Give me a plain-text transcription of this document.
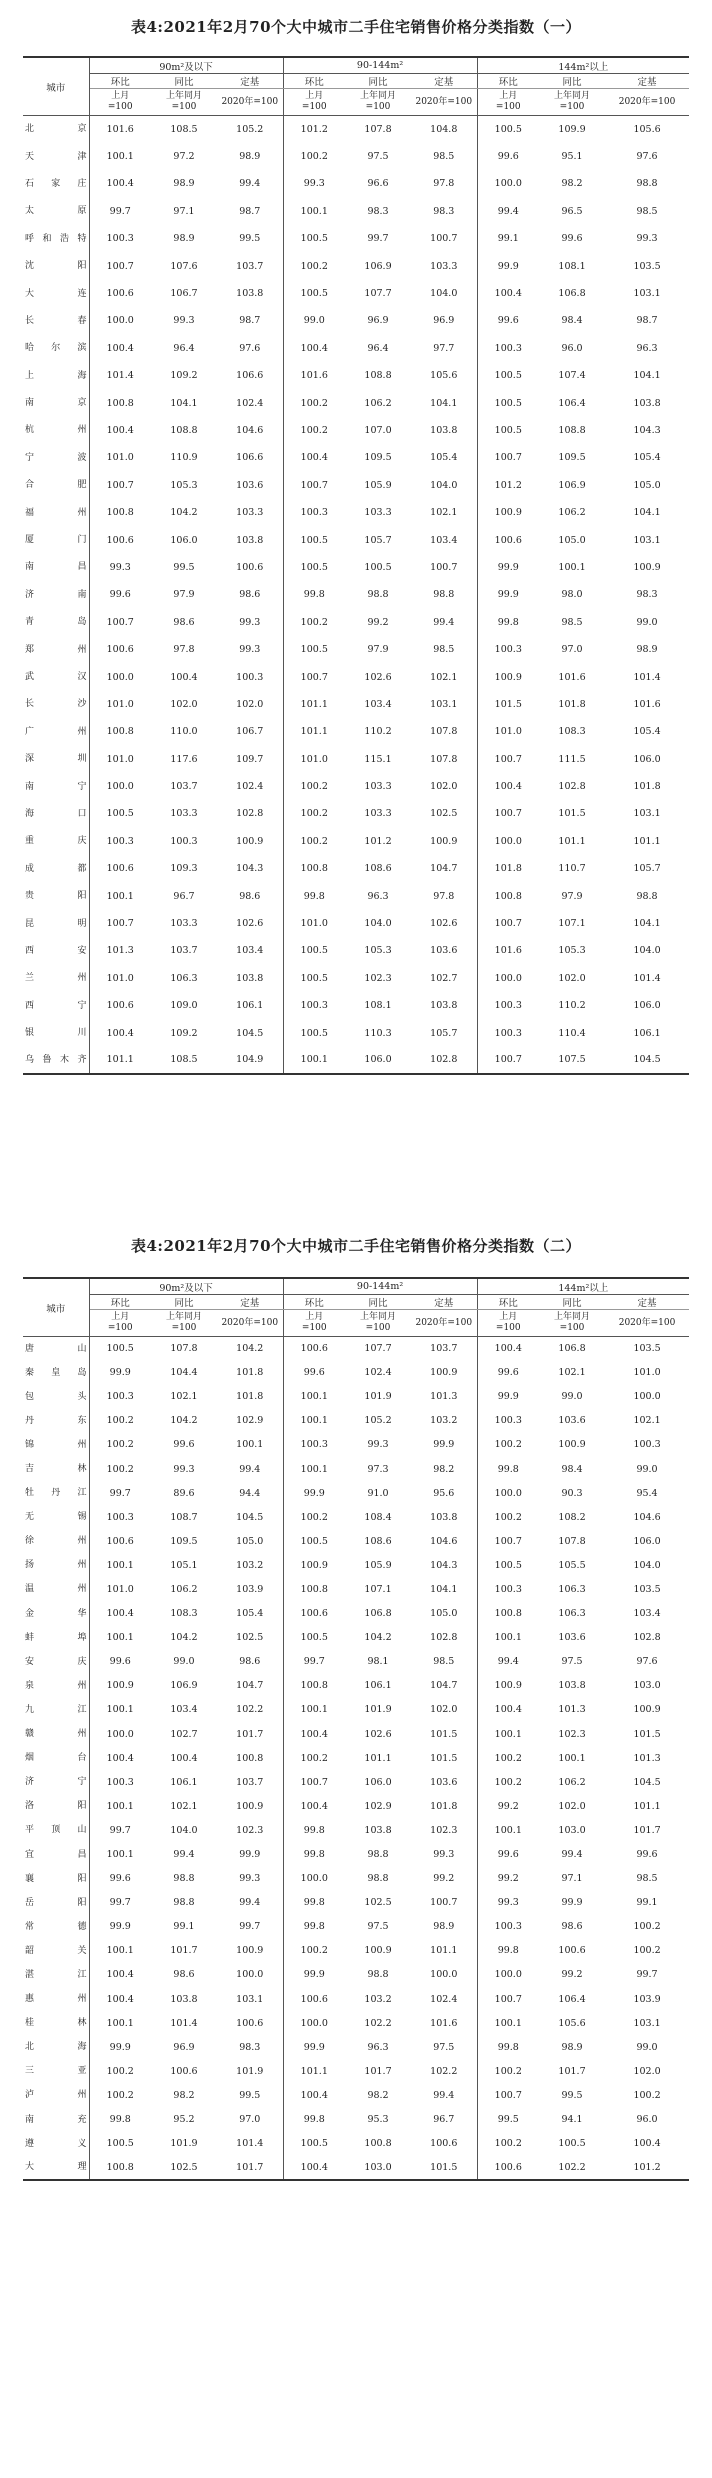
表4:2021年2月70个大中城市二手住宅销售价格分类指数（一）
城市	90m²及以下			90-144m²			144m²以上		
	环比	同比	定基	环比	同比	定基	环比	同比	定基
	上月
=100	上年同月
=100	2020年=100	上月
=100	上年同月
=100	2020年=100	上月
=100	上年同月
=100	2020年=100

北　京	101.6	108.5	105.2	101.2	107.8	104.8	100.5	109.9	105.6

天　津	100.1	97.2	98.9	100.2	97.5	98.5	99.6	95.1	97.6

石家庄	100.4	98.9	99.4	99.3	96.6	97.8	100.0	98.2	98.8

太　原	99.7	97.1	98.7	100.1	98.3	98.3	99.4	96.5	98.5

呼和浩特	100.3	98.9	99.5	100.5	99.7	100.7	99.1	99.6	99.3

沈　阳	100.7	107.6	103.7	100.2	106.9	103.3	99.9	108.1	103.5

大　连	100.6	106.7	103.8	100.5	107.7	104.0	100.4	106.8	103.1

长　春	100.0	99.3	98.7	99.0	96.9	96.9	99.6	98.4	98.7

哈尔滨	100.4	96.4	97.6	100.4	96.4	97.7	100.3	96.0	96.3

上　海	101.4	109.2	106.6	101.6	108.8	105.6	100.5	107.4	104.1

南　京	100.8	104.1	102.4	100.2	106.2	104.1	100.5	106.4	103.8

杭　州	100.4	108.8	104.6	100.2	107.0	103.8	100.5	108.8	104.3

宁　波	101.0	110.9	106.6	100.4	109.5	105.4	100.7	109.5	105.4

合　肥	100.7	105.3	103.6	100.7	105.9	104.0	101.2	106.9	105.0

福　州	100.8	104.2	103.3	100.3	103.3	102.1	100.9	106.2	104.1

厦　门	100.6	106.0	103.8	100.5	105.7	103.4	100.6	105.0	103.1

南　昌	99.3	99.5	100.6	100.5	100.5	100.7	99.9	100.1	100.9

济　南	99.6	97.9	98.6	99.8	98.8	98.8	99.9	98.0	98.3

青　岛	100.7	98.6	99.3	100.2	99.2	99.4	99.8	98.5	99.0

郑　州	100.6	97.8	99.3	100.5	97.9	98.5	100.3	97.0	98.9

武　汉	100.0	100.4	100.3	100.7	102.6	102.1	100.9	101.6	101.4

长　沙	101.0	102.0	102.0	101.1	103.4	103.1	101.5	101.8	101.6

广　州	100.8	110.0	106.7	101.1	110.2	107.8	101.0	108.3	105.4

深　圳	101.0	117.6	109.7	101.0	115.1	107.8	100.7	111.5	106.0

南　宁	100.0	103.7	102.4	100.2	103.3	102.0	100.4	102.8	101.8

海　口	100.5	103.3	102.8	100.2	103.3	102.5	100.7	101.5	103.1

重　庆	100.3	100.3	100.9	100.2	101.2	100.9	100.0	101.1	101.1

成　都	100.6	109.3	104.3	100.8	108.6	104.7	101.8	110.7	105.7

贵　阳	100.1	96.7	98.6	99.8	96.3	97.8	100.8	97.9	98.8

昆　明	100.7	103.3	102.6	101.0	104.0	102.6	100.7	107.1	104.1

西　安	101.3	103.7	103.4	100.5	105.3	103.6	101.6	105.3	104.0

兰　州	101.0	106.3	103.8	100.5	102.3	102.7	100.0	102.0	101.4

西　宁	100.6	109.0	106.1	100.3	108.1	103.8	100.3	110.2	106.0

银　川	100.4	109.2	104.5	100.5	110.3	105.7	100.3	110.4	106.1

乌鲁木齐	101.1	108.5	104.9	100.1	106.0	102.8	100.7	107.5	104.5
表4:2021年2月70个大中城市二手住宅销售价格分类指数（二）
城市	90m²及以下			90-144m²			144m²以上		
	环比	同比	定基	环比	同比	定基	环比	同比	定基
	上月
=100	上年同月
=100	2020年=100	上月
=100	上年同月
=100	2020年=100	上月
=100	上年同月
=100	2020年=100

唐　山	100.5	107.8	104.2	100.6	107.7	103.7	100.4	106.8	103.5

秦皇岛	99.9	104.4	101.8	99.6	102.4	100.9	99.6	102.1	101.0

包　头	100.3	102.1	101.8	100.1	101.9	101.3	99.9	99.0	100.0

丹　东	100.2	104.2	102.9	100.1	105.2	103.2	100.3	103.6	102.1

锦　州	100.2	99.6	100.1	100.3	99.3	99.9	100.2	100.9	100.3

吉　林	100.2	99.3	99.4	100.1	97.3	98.2	99.8	98.4	99.0

牡丹江	99.7	89.6	94.4	99.9	91.0	95.6	100.0	90.3	95.4

无　锡	100.3	108.7	104.5	100.2	108.4	103.8	100.2	108.2	104.6

徐　州	100.6	109.5	105.0	100.5	108.6	104.6	100.7	107.8	106.0

扬　州	100.1	105.1	103.2	100.9	105.9	104.3	100.5	105.5	104.0

温　州	101.0	106.2	103.9	100.8	107.1	104.1	100.3	106.3	103.5

金　华	100.4	108.3	105.4	100.6	106.8	105.0	100.8	106.3	103.4

蚌　埠	100.1	104.2	102.5	100.5	104.2	102.8	100.1	103.6	102.8

安　庆	99.6	99.0	98.6	99.7	98.1	98.5	99.4	97.5	97.6

泉　州	100.9	106.9	104.7	100.8	106.1	104.7	100.9	103.8	103.0

九　江	100.1	103.4	102.2	100.1	101.9	102.0	100.4	101.3	100.9

赣　州	100.0	102.7	101.7	100.4	102.6	101.5	100.1	102.3	101.5

烟　台	100.4	100.4	100.8	100.2	101.1	101.5	100.2	100.1	101.3

济　宁	100.3	106.1	103.7	100.7	106.0	103.6	100.2	106.2	104.5

洛　阳	100.1	102.1	100.9	100.4	102.9	101.8	99.2	102.0	101.1

平顶山	99.7	104.0	102.3	99.8	103.8	102.3	100.1	103.0	101.7

宜　昌	100.1	99.4	99.9	99.8	98.8	99.3	99.6	99.4	99.6

襄　阳	99.6	98.8	99.3	100.0	98.8	99.2	99.2	97.1	98.5

岳　阳	99.7	98.8	99.4	99.8	102.5	100.7	99.3	99.9	99.1

常　德	99.9	99.1	99.7	99.8	97.5	98.9	100.3	98.6	100.2

韶　关	100.1	101.7	100.9	100.2	100.9	101.1	99.8	100.6	100.2

湛　江	100.4	98.6	100.0	99.9	98.8	100.0	100.0	99.2	99.7

惠　州	100.4	103.8	103.1	100.6	103.2	102.4	100.7	106.4	103.9

桂　林	100.1	101.4	100.6	100.0	102.2	101.6	100.1	105.6	103.1

北　海	99.9	96.9	98.3	99.9	96.3	97.5	99.8	98.9	99.0

三　亚	100.2	100.6	101.9	101.1	101.7	102.2	100.2	101.7	102.0

泸　州	100.2	98.2	99.5	100.4	98.2	99.4	100.7	99.5	100.2

南　充	99.8	95.2	97.0	99.8	95.3	96.7	99.5	94.1	96.0

遵　义	100.5	101.9	101.4	100.5	100.8	100.6	100.2	100.5	100.4

大　理	100.8	102.5	101.7	100.4	103.0	101.5	100.6	102.2	101.2
